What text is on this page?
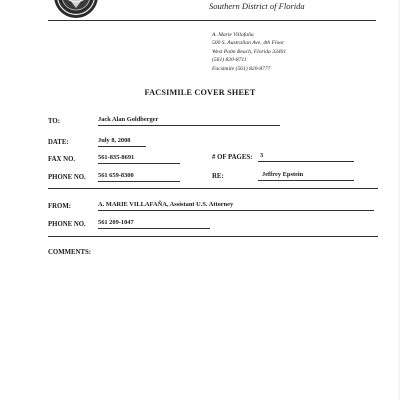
Southern District of Florida
A. Marie Villafaña
500 S. Australian Ave, 4th Floor
West Palm Beach, Florida 33401
(561) 820-8711
Facsimile (561) 820-8777
FACSIMILE COVER SHEET
TO:	Jack Alan Goldberger
DATE:	July 8, 2008
FAX NO.	561-835-8691	# OF PAGES:	3
PHONE NO. 561 659-8300	RE:	Jeffrey Epstein
FROM:	A. MARIE VILLAFAÑA, Assistant U.S. Attorney
PHONE NO. 561 209-1047
COMMENTS:
